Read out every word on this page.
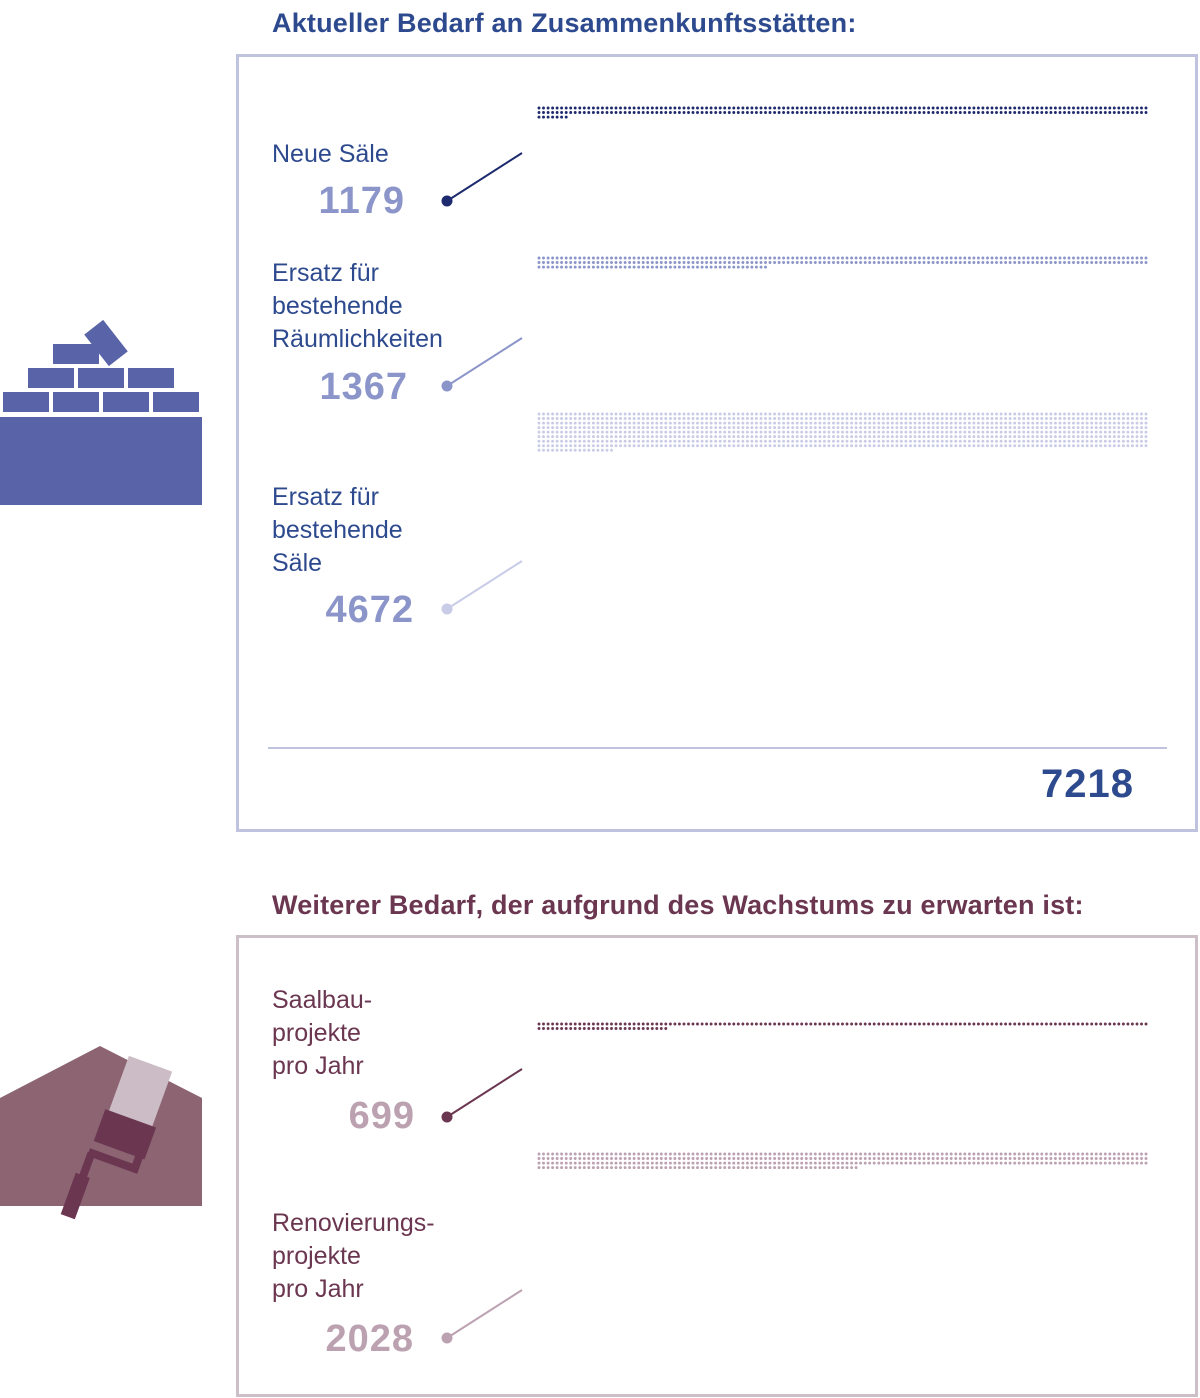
Aktueller Bedarf an Zusammenkunftsstätten:
Neue Säle
1179
Ersatz für
bestehende
Räumlichkeiten
1367
Ersatz für
bestehende
Säle
4672
7218
Weiterer Bedarf, der aufgrund des Wachstums zu erwarten ist:
Saalbau-
projekte
pro Jahr
699
Renovierungs-
projekte
pro Jahr
2028
